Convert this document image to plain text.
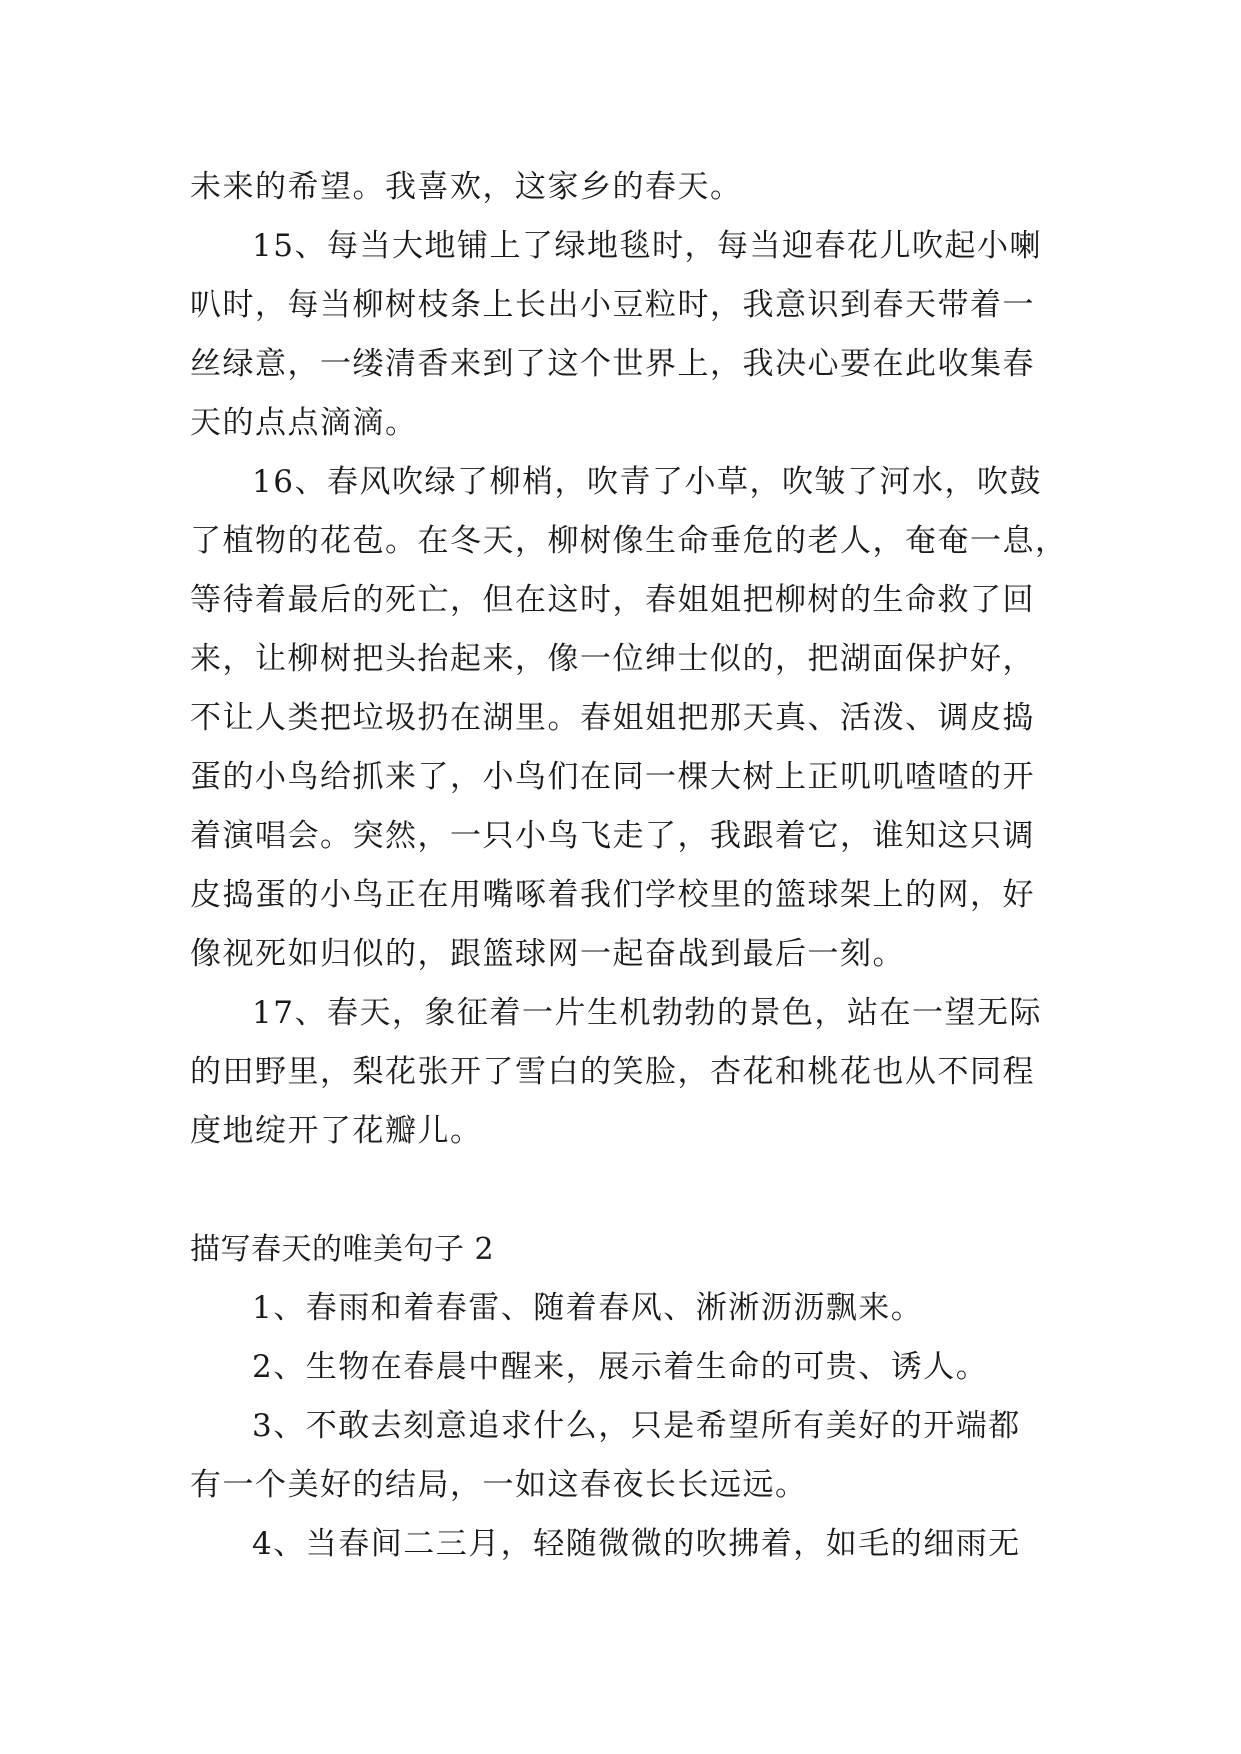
未来的希望。我喜欢，这家乡的春天。
15、每当大地铺上了绿地毯时，每当迎春花儿吹起小喇
叭时，每当柳树枝条上长出小豆粒时，我意识到春天带着一
丝绿意，一缕清香来到了这个世界上，我决心要在此收集春
天的点点滴滴。
16、春风吹绿了柳梢，吹青了小草，吹皱了河水，吹鼓
了植物的花苞。在冬天，柳树像生命垂危的老人，奄奄一息，
等待着最后的死亡，但在这时，春姐姐把柳树的生命救了回
来，让柳树把头抬起来，像一位绅士似的，把湖面保护好，
不让人类把垃圾扔在湖里。春姐姐把那天真、活泼、调皮捣
蛋的小鸟给抓来了，小鸟们在同一棵大树上正叽叽喳喳的开
着演唱会。突然，一只小鸟飞走了，我跟着它，谁知这只调
皮捣蛋的小鸟正在用嘴啄着我们学校里的篮球架上的网，好
像视死如归似的，跟篮球网一起奋战到最后一刻。
17、春天，象征着一片生机勃勃的景色，站在一望无际
的田野里，梨花张开了雪白的笑脸，杏花和桃花也从不同程
度地绽开了花瓣儿。
描写春天的唯美句子 2
1、春雨和着春雷、随着春风、淅淅沥沥飘来。
2、生物在春晨中醒来，展示着生命的可贵、诱人。
3、不敢去刻意追求什么，只是希望所有美好的开端都
有一个美好的结局，一如这春夜长长远远。
4、当春间二三月，轻随微微的吹拂着，如毛的细雨无
